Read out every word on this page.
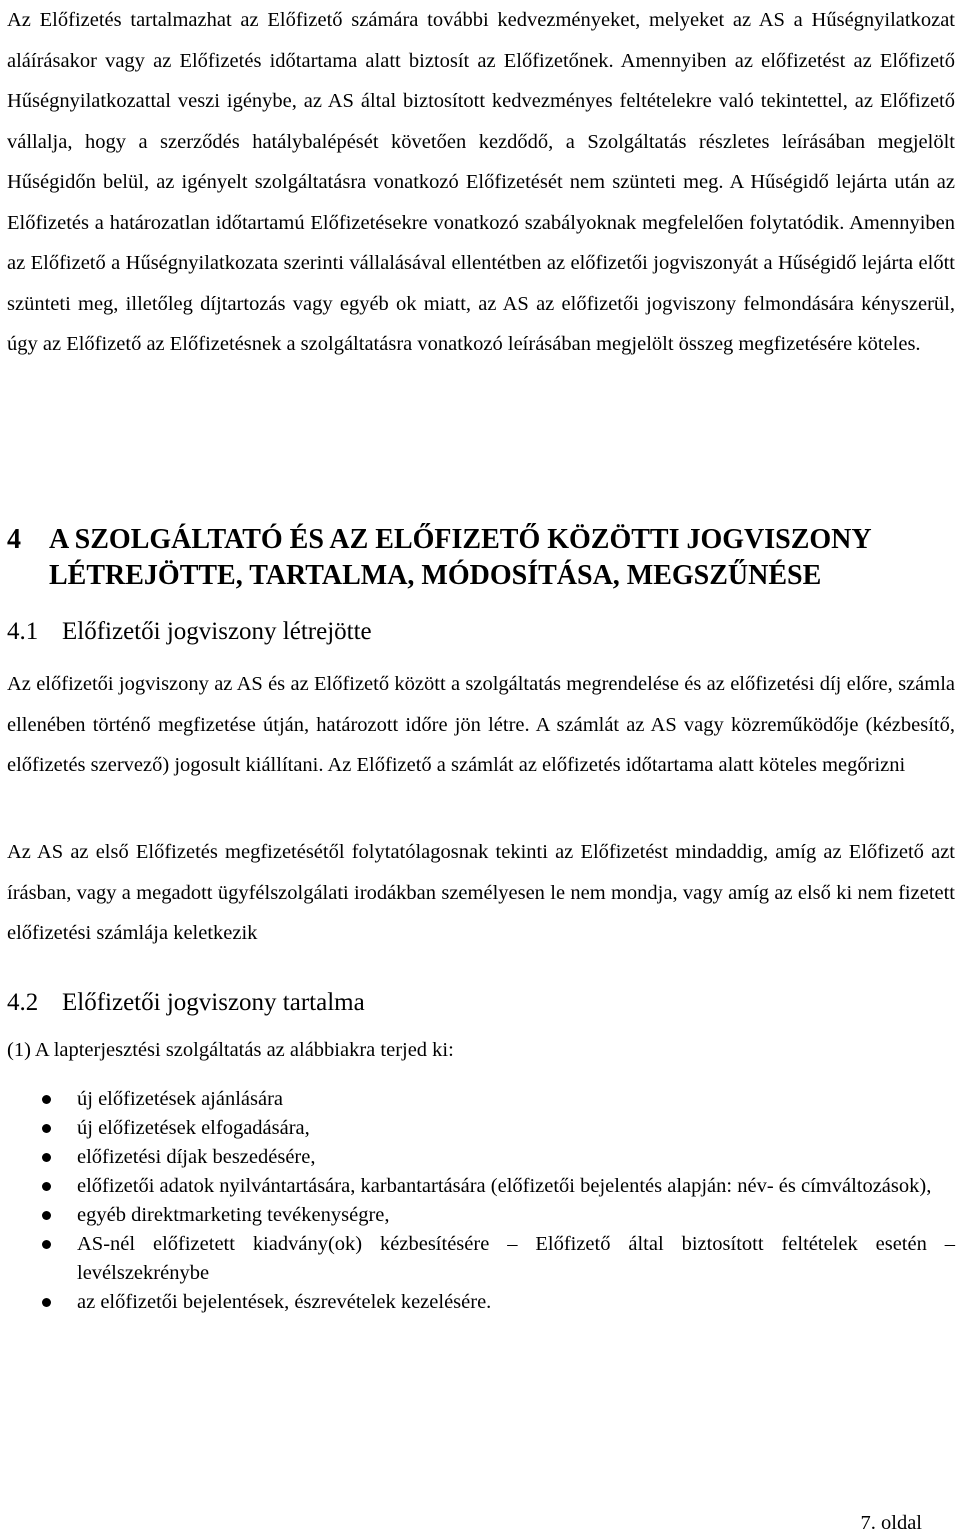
Az Előfizetés tartalmazhat az Előfizető számára további kedvezményeket, melyeket az AS a Hűségnyilatkozat aláírásakor vagy az Előfizetés időtartama alatt biztosít az Előfizetőnek. Amennyiben az előfizetést az Előfizető Hűségnyilatkozattal veszi igénybe, az AS által biztosított kedvezményes feltételekre való tekintettel, az Előfizető vállalja, hogy a szerződés hatálybalépését követően kezdődő, a Szolgáltatás részletes leírásában megjelölt Hűségidőn belül, az igényelt szolgáltatásra vonatkozó Előfizetését nem szünteti meg. A Hűségidő lejárta után az Előfizetés a határozatlan időtartamú Előfizetésekre vonatkozó szabályoknak megfelelően folytatódik. Amennyiben az Előfizető a Hűségnyilatkozata szerinti vállalásával ellentétben az előfizetői jogviszonyát a Hűségidő lejárta előtt szünteti meg, illetőleg díjtartozás vagy egyéb ok miatt, az AS az előfizetői jogviszony felmondására kényszerül, úgy az Előfizető az Előfizetésnek a szolgáltatásra vonatkozó leírásában megjelölt összeg megfizetésére köteles.

4 A SZOLGÁLTATÓ ÉS AZ ELŐFIZETŐ KÖZÖTTI JOGVISZONY
LÉTREJÖTTE, TARTALMA, MÓDOSÍTÁSA, MEGSZŰNÉSE
4.1 Előfizetői jogviszony létrejötte

Az előfizetői jogviszony az AS és az Előfizető között a szolgáltatás megrendelése és az előfizetési díj előre, számla ellenében történő megfizetése útján, határozott időre jön létre. A számlát az AS vagy közreműködője (kézbesítő, előfizetés szervező) jogosult kiállítani. Az Előfizető a számlát az előfizetés időtartama alatt köteles megőrizni

Az AS az első Előfizetés megfizetésétől folytatólagosnak tekinti az Előfizetést mindaddig, amíg az Előfizető azt írásban, vagy a megadott ügyfélszolgálati irodákban személyesen le nem mondja, vagy amíg az első ki nem fizetett előfizetési számlája keletkezik

4.2 Előfizetői jogviszony tartalma

(1) A lapterjesztési szolgáltatás az alábbiakra terjed ki:

új előfizetések ajánlására
új előfizetések elfogadására,
előfizetési díjak beszedésére,
előfizetői adatok nyilvántartására, karbantartására (előfizetői bejelentés alapján: név- és címváltozások),
egyéb direktmarketing tevékenységre,
AS-nél előfizetett kiadvány(ok) kézbesítésére – Előfizető által biztosított feltételek esetén – levélszekrénybe
az előfizetői bejelentések, észrevételek kezelésére.
7. oldal
